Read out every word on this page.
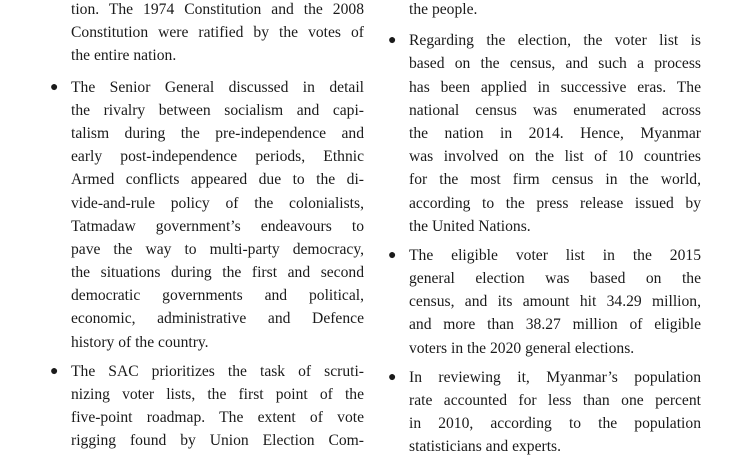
tion. The 1974 Constitution and the 2008
Constitution were ratified by the votes of
the entire nation.
● The Senior General discussed in detail
the rivalry between socialism and capi-
talism during the pre-independence and
early post-independence periods, Ethnic
Armed conflicts appeared due to the di-
vide-and-rule policy of the colonialists,
Tatmadaw government’s endeavours to
pave the way to multi-party democracy,
the situations during the first and second
democratic governments and political,
economic, administrative and Defence
history of the country.
● The SAC prioritizes the task of scruti-
nizing voter lists, the first point of the
five-point roadmap. The extent of vote
rigging found by Union Election Com-
the people.
● Regarding the election, the voter list is
based on the census, and such a process
has been applied in successive eras. The
national census was enumerated across
the nation in 2014. Hence, Myanmar
was involved on the list of 10 countries
for the most firm census in the world,
according to the press release issued by
the United Nations.
● The eligible voter list in the 2015
general election was based on the
census, and its amount hit 34.29 million,
and more than 38.27 million of eligible
voters in the 2020 general elections.
● In reviewing it, Myanmar’s population
rate accounted for less than one percent
in 2010, according to the population
statisticians and experts.
